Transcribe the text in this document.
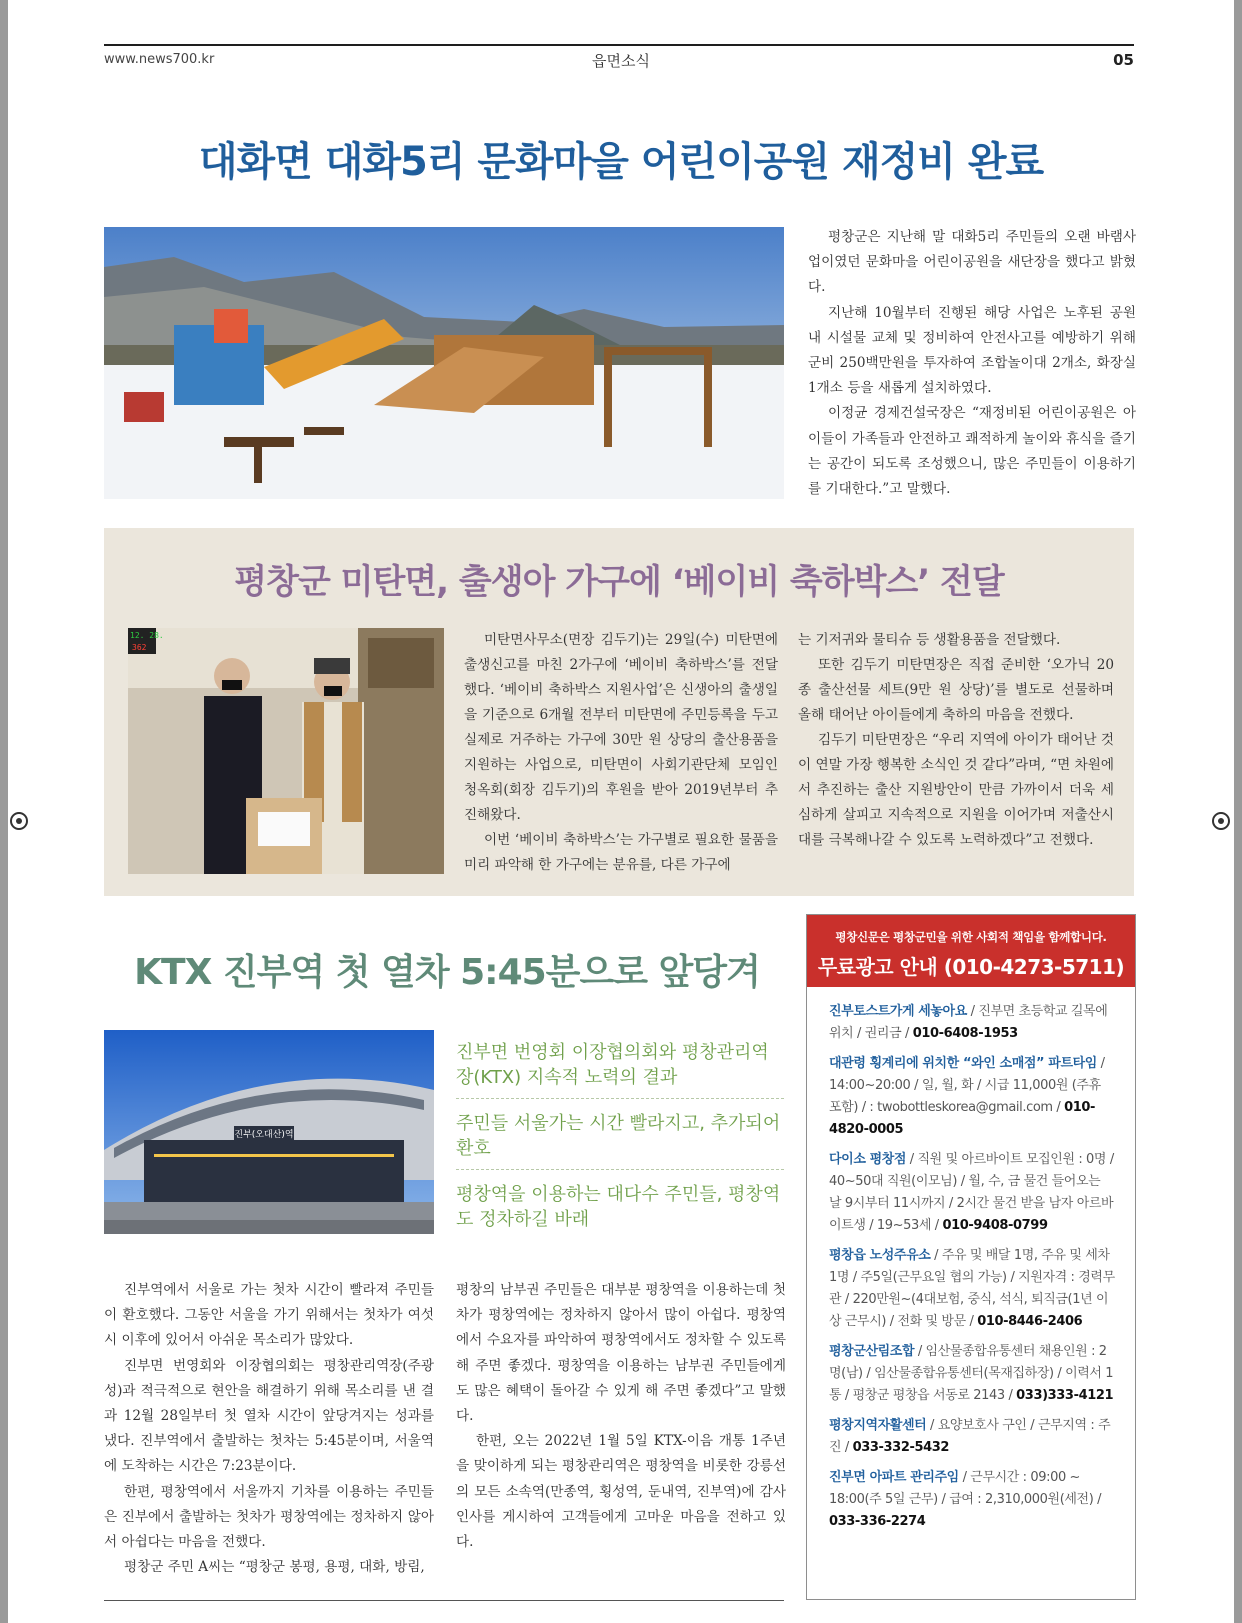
www.news700.kr	읍면소식	05
대화면 대화5리 문화마을 어린이공원 재정비 완료

평창군은 지난해 말 대화5리 주민들의 오랜 바램사업이였던 문화마을 어린이공원을 새단장을 했다고 밝혔다.

지난해 10월부터 진행된 해당 사업은 노후된 공원 내 시설물 교체 및 정비하여 안전사고를 예방하기 위해 군비 250백만원을 투자하여 조합놀이대 2개소, 화장실 1개소 등을 새롭게 설치하였다.

이정균 경제건설국장은 “재정비된 어린이공원은 아이들이 가족들과 안전하고 쾌적하게 놀이와 휴식을 즐기는 공간이 되도록 조성했으니, 많은 주민들이 이용하기를 기대한다.”고 말했다.

평창군 미탄면, 출생아 가구에 ‘베이비 축하박스’ 전달
12. 28.
362	미탄면사무소(면장 김두기)는 29일(수) 미탄면에 출생신고를 마친 2가구에 ‘베이비 축하박스’를 전달했다. ‘베이비 축하박스 지원사업’은 신생아의 출생일을 기준으로 6개월 전부터 미탄면에 주민등록을 두고 실제로 거주하는 가구에 30만 원 상당의 출산용품을 지원하는 사업으로, 미탄면이 사회기관단체 모임인 청옥회(회장 김두기)의 후원을 받아 2019년부터 추진해왔다.

이번 ‘베이비 축하박스’는 가구별로 필요한 물품을 미리 파악해 한 가구에는 분유를, 다른 가구에

는 기저귀와 물티슈 등 생활용품을 전달했다.

또한 김두기 미탄면장은 직접 준비한 ‘오가닉 20종 출산선물 세트(9만 원 상당)’를 별도로 선물하며 올해 태어난 아이들에게 축하의 마음을 전했다.

김두기 미탄면장은 “우리 지역에 아이가 태어난 것이 연말 가장 행복한 소식인 것 같다”라며, “면 차원에서 추진하는 출산 지원방안이 만큼 가까이서 더욱 세심하게 살피고 지속적으로 지원을 이어가며 저출산시대를 극복해나갈 수 있도록 노력하겠다”고 전했다.

KTX 진부역 첫 열차 5:45분으로 앞당겨
진부(오대산)역
진부면 번영회 이장협의회와 평창관리역장(KTX) 지속적 노력의 결과
주민들 서울가는 시간 빨라지고, 추가되어 환호
평창역을 이용하는 대다수 주민들, 평창역도 정차하길 바래

진부역에서 서울로 가는 첫차 시간이 빨라져 주민들이 환호했다. 그동안 서울을 가기 위해서는 첫차가 여섯시 이후에 있어서 아쉬운 목소리가 많았다.

진부면 번영회와 이장협의회는 평창관리역장(주광성)과 적극적으로 현안을 해결하기 위해 목소리를 낸 결과 12월 28일부터 첫 열차 시간이 앞당겨지는 성과를 냈다. 진부역에서 출발하는 첫차는 5:45분이며, 서울역에 도착하는 시간은 7:23분이다.

한편, 평창역에서 서울까지 기차를 이용하는 주민들은 진부에서 출발하는 첫차가 평창역에는 정차하지 않아서 아쉽다는 마음을 전했다.

평창군 주민 A씨는 “평창군 봉평, 용평, 대화, 방림,

평창의 남부권 주민들은 대부분 평창역을 이용하는데 첫차가 평창역에는 정차하지 않아서 많이 아쉽다. 평창역에서 수요자를 파악하여 평창역에서도 정차할 수 있도록 해 주면 좋겠다. 평창역을 이용하는 남부권 주민들에게도 많은 혜택이 돌아갈 수 있게 해 주면 좋겠다”고 말했다.

한편, 오는 2022년 1월 5일 KTX-이음 개통 1주년을 맞이하게 되는 평창관리역은 평창역을 비롯한 강릉선의 모든 소속역(만종역, 횡성역, 둔내역, 진부역)에 감사인사를 게시하여 고객들에게 고마운 마음을 전하고 있다.

평창신문은 평창군민을 위한 사회적 책임을 함께합니다.
무료광고 안내 (010-4273-5711)
진부토스트가게 세놓아요 / 진부면 초등학교 길목에 위치 / 권리금 / 010-6408-1953
대관령 횡계리에 위치한 “와인 소매점” 파트타임 / 14:00~20:00 / 일, 월, 화 / 시급 11,000원 (주휴 포함) / : twobottleskorea@gmail.com / 010-4820-0005
다이소 평창점 / 직원 및 아르바이트 모집인원 : 0명 / 40~50대 직원(이모님) / 월, 수, 금 물건 들어오는 날 9시부터 11시까지 / 2시간 물건 받을 남자 아르바이트생 / 19~53세 / 010-9408-0799
평창읍 노성주유소 / 주유 및 배달 1명, 주유 및 세차 1명 / 주5일(근무요일 협의 가능) / 지원자격 : 경력무관 / 220만원~(4대보험, 중식, 석식, 퇴직금(1년 이상 근무시) / 전화 및 방문 / 010-8446-2406
평창군산림조합 / 임산물종합유통센터 채용인원 : 2명(남) / 임산물종합유통센터(목재집하장) / 이력서 1통 / 평창군 평창읍 서동로 2143 / 033)333-4121
평창지역자활센터 / 요양보호사 구인 / 근무지역 : 주진 / 033-332-5432
진부면 아파트 관리주임 / 근무시간 : 09:00 ~ 18:00(주 5일 근무) / 급여 : 2,310,000원(세전) / 033-336-2274
